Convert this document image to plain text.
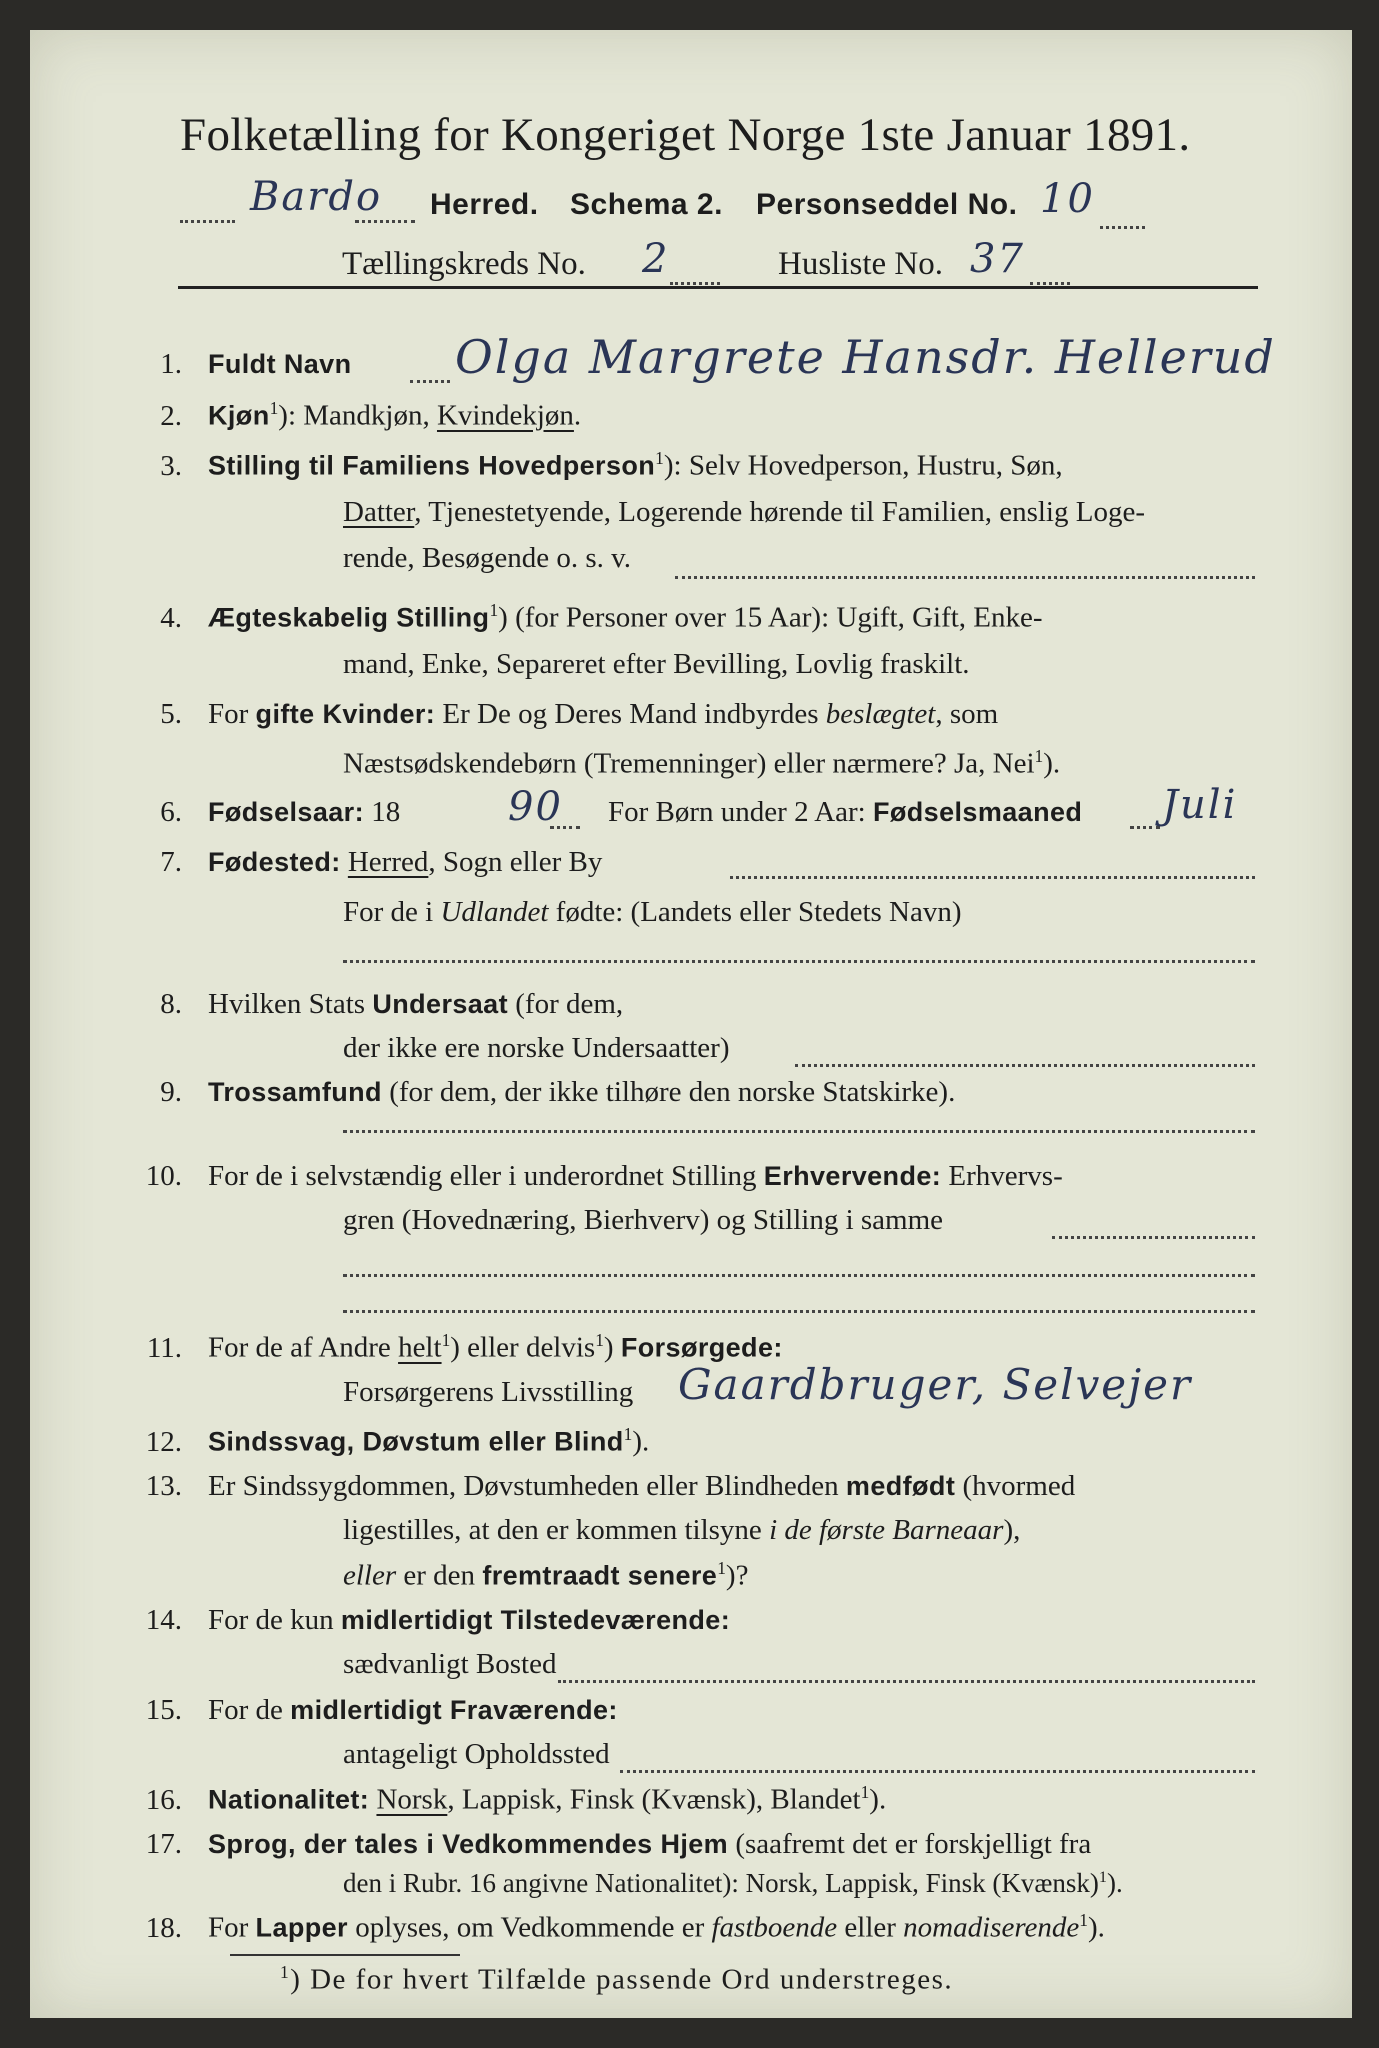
Folketælling for Kongeriget Norge 1ste Januar 1891.
Bardo Herred. Schema 2. Personseddel No. 10
Tællingskreds No. 2	Husliste No. 37
1. Fuldt Navn Olga Margrete Hansdr. Hellerud
2. Kjøn$^1$): Mandkjøn, Kvindekjøn.
3. Stilling til Familiens Hovedperson$^1$): Selv Hovedperson, Hustru, Søn,
Datter, Tjenestetyende, Logerende hørende til Familien, enslig Loge-
rende, Besøgende o. s. v.
4. Ægteskabelig Stilling$^1$) (for Personer over 15 Aar): Ugift, Gift, Enke-
mand, Enke, Separeret efter Bevilling, Lovlig fraskilt.
5. For gifte Kvinder: Er De og Deres Mand indbyrdes beslægtet, som
Næstsødskendebørn (Tremenninger) eller nærmere? Ja, Nei$^1$).
6. Fødselsaar: 18	90 For Børn under 2 Aar: Fødselsmaaned Juli
7. Fødested: Herred, Sogn eller By
For de i Udlandet fødte: (Landets eller Stedets Navn)
8. Hvilken Stats Undersaat (for dem,
der ikke ere norske Undersaatter)
9. Trossamfund (for dem, der ikke tilhøre den norske Statskirke).
10. For de i selvstændig eller i underordnet Stilling Erhvervende: Erhvervs-
gren (Hovednæring, Bierhverv) og Stilling i samme
11. For de af Andre helt$^1$) eller delvis$^1$) Forsørgede:
Forsørgerens Livsstilling Gaardbruger, Selvejer
12. Sindssvag, Døvstum eller Blind$^1$).
13. Er Sindssygdommen, Døvstumheden eller Blindheden medfødt (hvormed
ligestilles, at den er kommen tilsyne i de første Barneaar),
eller er den fremtraadt senere$^1$)?
14. For de kun midlertidigt Tilstedeværende:
sædvanligt Bosted
15. For de midlertidigt Fraværende:
antageligt Opholdssted
16. Nationalitet: Norsk, Lappisk, Finsk (Kvænsk), Blandet$^1$).
17. Sprog, der tales i Vedkommendes Hjem (saafremt det er forskjelligt fra
den i Rubr. 16 angivne Nationalitet): Norsk, Lappisk, Finsk (Kvænsk)$^1$).
18. For Lapper oplyses, om Vedkommende er fastboende eller nomadiserende$^1$).
$^1$) De for hvert Tilfælde passende Ord understreges.
